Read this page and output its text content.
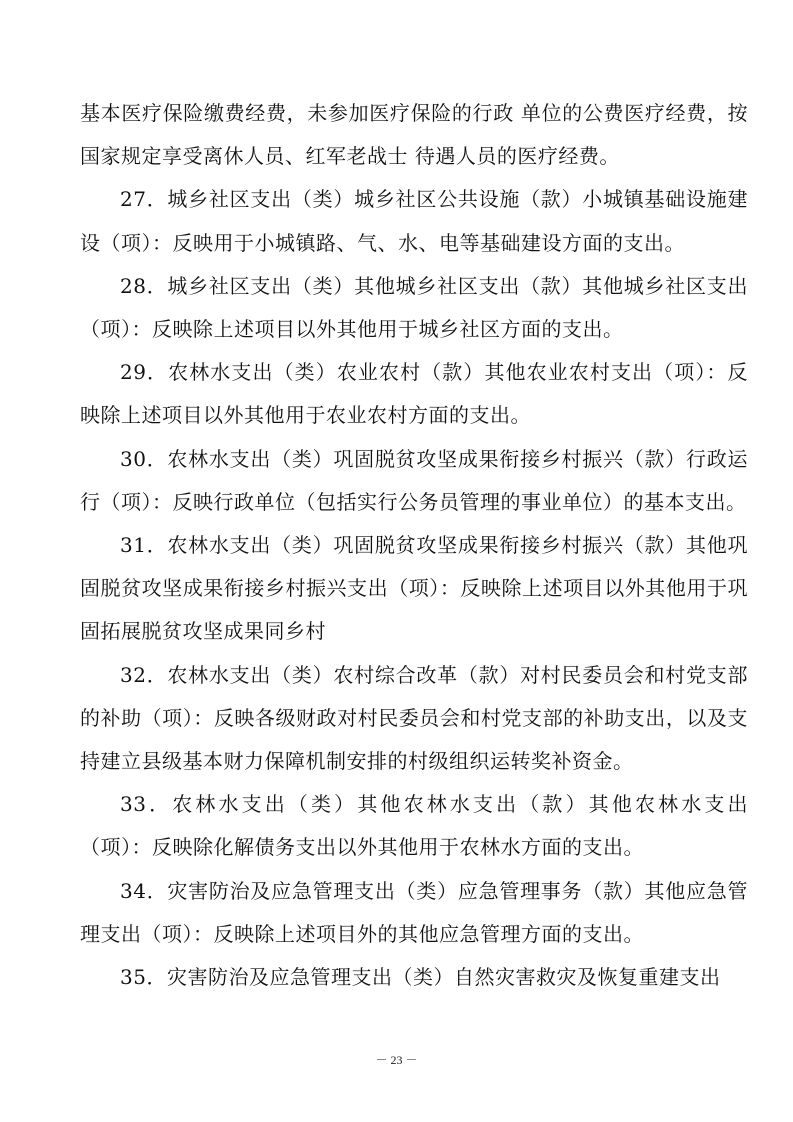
基本医疗保险缴费经费，未参加医疗保险的行政 单位的公费医疗经费，按国家规定享受离休人员、红军老战士 待遇人员的医疗经费。

27．城乡社区支出（类）城乡社区公共设施（款）小城镇基础设施建设（项）：反映用于小城镇路、气、水、电等基础建设方面的支出。

28．城乡社区支出（类）其他城乡社区支出（款）其他城乡社区支出（项）：反映除上述项目以外其他用于城乡社区方面的支出。

29．农林水支出（类）农业农村（款）其他农业农村支出（项）：反映除上述项目以外其他用于农业农村方面的支出。

30．农林水支出（类）巩固脱贫攻坚成果衔接乡村振兴（款）行政运行（项）：反映行政单位（包括实行公务员管理的事业单位）的基本支出。

31．农林水支出（类）巩固脱贫攻坚成果衔接乡村振兴（款）其他巩固脱贫攻坚成果衔接乡村振兴支出（项）：反映除上述项目以外其他用于巩固拓展脱贫攻坚成果同乡村

32．农林水支出（类）农村综合改革（款）对村民委员会和村党支部的补助（项）：反映各级财政对村民委员会和村党支部的补助支出，以及支持建立县级基本财力保障机制安排的村级组织运转奖补资金。

33．农林水支出（类）其他农林水支出（款）其他农林水支出（项）：反映除化解债务支出以外其他用于农林水方面的支出。

34．灾害防治及应急管理支出（类）应急管理事务（款）其他应急管理支出（项）：反映除上述项目外的其他应急管理方面的支出。

35．灾害防治及应急管理支出（类）自然灾害救灾及恢复重建支出

－ 23 －
